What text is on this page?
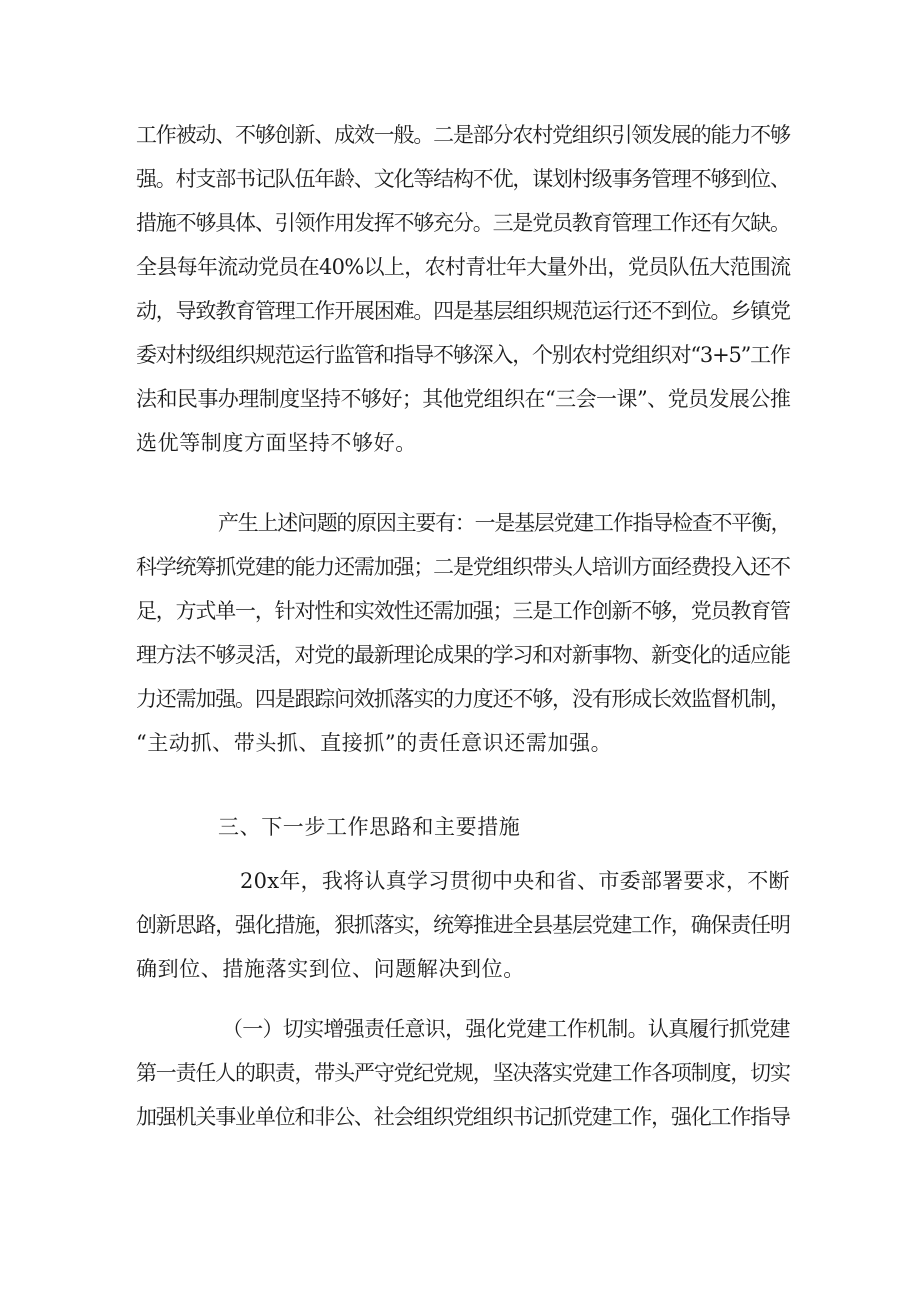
工作被动、不够创新、成效一般。二是部分农村党组织引领发展的能力不够
强。村支部书记队伍年龄、文化等结构不优，谋划村级事务管理不够到位、
措施不够具体、引领作用发挥不够充分。三是党员教育管理工作还有欠缺。
全县每年流动党员在40%以上，农村青壮年大量外出，党员队伍大范围流
动，导致教育管理工作开展困难。四是基层组织规范运行还不到位。乡镇党
委对村级组织规范运行监管和指导不够深入，个别农村党组织对“3+5”工作
法和民事办理制度坚持不够好；其他党组织在“三会一课”、党员发展公推
选优等制度方面坚持不够好。
产生上述问题的原因主要有：一是基层党建工作指导检查不平衡，
科学统筹抓党建的能力还需加强；二是党组织带头人培训方面经费投入还不
足，方式单一，针对性和实效性还需加强；三是工作创新不够，党员教育管
理方法不够灵活，对党的最新理论成果的学习和对新事物、新变化的适应能
力还需加强。四是跟踪问效抓落实的力度还不够，没有形成长效监督机制，
“主动抓、带头抓、直接抓”的责任意识还需加强。
三、下一步工作思路和主要措施
20x年，我将认真学习贯彻中央和省、市委部署要求，不断
创新思路，强化措施，狠抓落实，统筹推进全县基层党建工作，确保责任明
确到位、措施落实到位、问题解决到位。
（一）切实增强责任意识，强化党建工作机制。认真履行抓党建
第一责任人的职责，带头严守党纪党规，坚决落实党建工作各项制度，切实
加强机关事业单位和非公、社会组织党组织书记抓党建工作，强化工作指导
